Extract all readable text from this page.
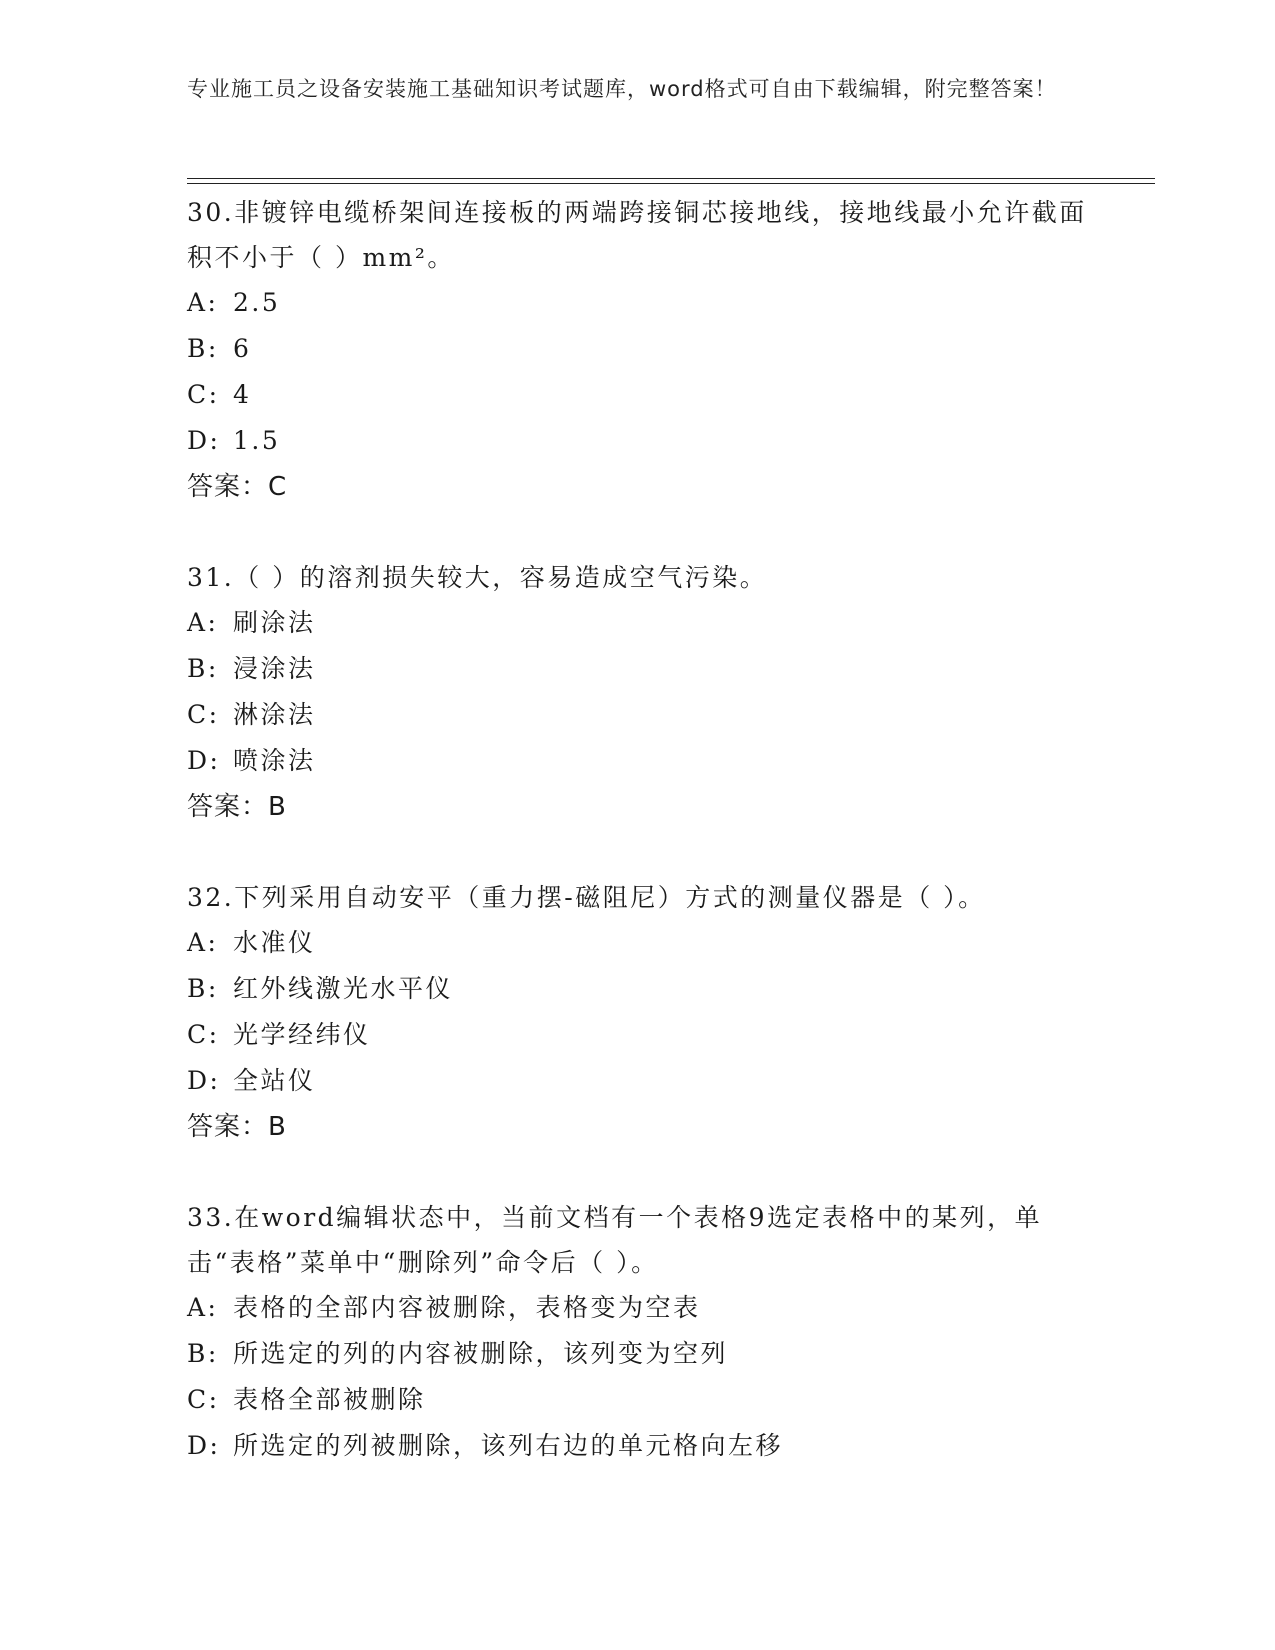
专业施工员之设备安装施工基础知识考试题库，word格式可自由下载编辑，附完整答案！

30.非镀锌电缆桥架间连接板的两端跨接铜芯接地线，接地线最小允许截面积不小于（ ）mm²。

A: 2.5
B: 6
C: 4
D: 1.5
答案：C

31.（ ）的溶剂损失较大，容易造成空气污染。

A: 刷涂法
B: 浸涂法
C: 淋涂法
D: 喷涂法
答案：B

32.下列采用自动安平（重力摆-磁阻尼）方式的测量仪器是（ ）。

A: 水准仪
B: 红外线激光水平仪
C: 光学经纬仪
D: 全站仪
答案：B

33.在word编辑状态中，当前文档有一个表格9选定表格中的某列，单击“表格”菜单中“删除列”命令后（ ）。

A: 表格的全部内容被删除，表格变为空表
B: 所选定的列的内容被删除，该列变为空列
C: 表格全部被删除
D: 所选定的列被删除，该列右边的单元格向左移
